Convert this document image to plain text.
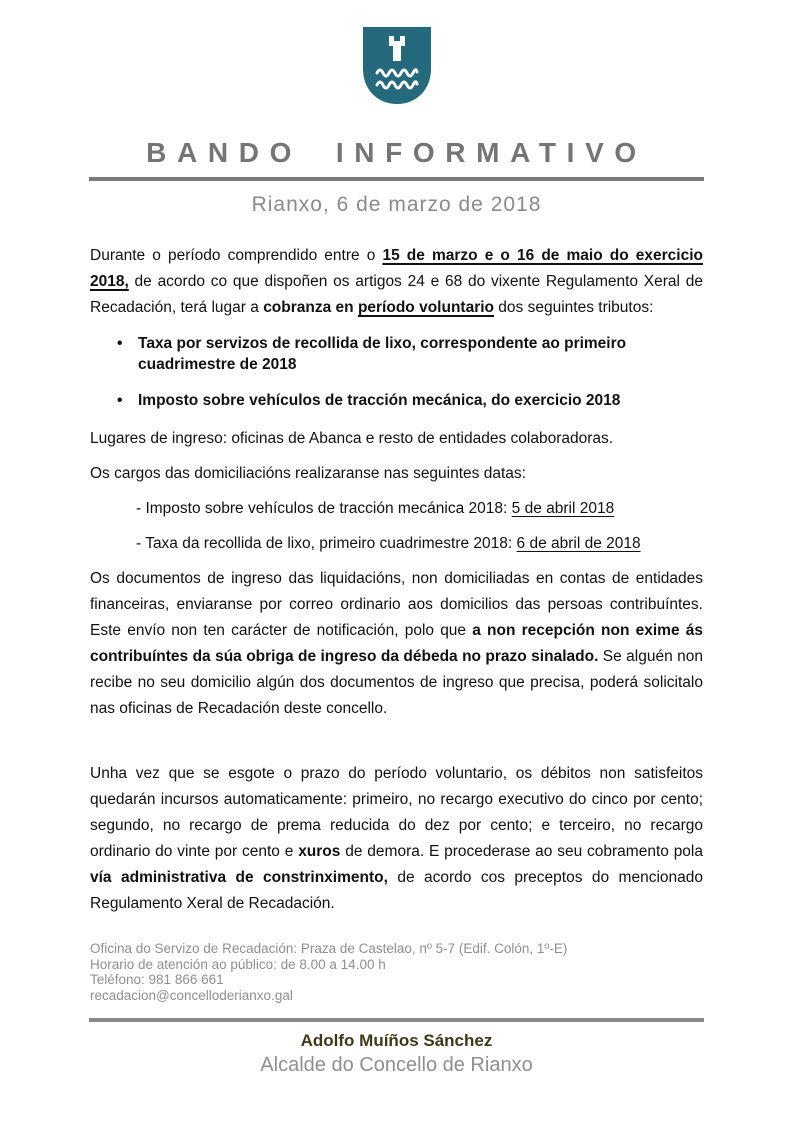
BANDO INFORMATIVO
Rianxo, 6 de marzo de 2018
Durante o período comprendido entre o 15 de marzo e o 16 de maio do exercicio 2018, de acordo co que dispoñen os artigos 24 e 68 do vixente Regulamento Xeral de Recadación, terá lugar a cobranza en período voluntario dos seguintes tributos:
• Taxa por servizos de recollida de lixo, correspondente ao primeiro cuadrimestre de 2018
• Imposto sobre vehículos de tracción mecánica, do exercicio 2018
Lugares de ingreso: oficinas de Abanca e resto de entidades colaboradoras.
Os cargos das domiciliacións realizaranse nas seguintes datas:
- Imposto sobre vehículos de tracción mecánica 2018: 5 de abril 2018
- Taxa da recollida de lixo, primeiro cuadrimestre 2018: 6 de abril de 2018
Os documentos de ingreso das liquidacións, non domiciliadas en contas de entidades financeiras, enviaranse por correo ordinario aos domicilios das persoas contribuíntes. Este envío non ten carácter de notificación, polo que a non recepción non exime ás contribuíntes da súa obriga de ingreso da débeda no prazo sinalado. Se alguén non recibe no seu domicilio algún dos documentos de ingreso que precisa, poderá solicitalo nas oficinas de Recadación deste concello.
Unha vez que se esgote o prazo do período voluntario, os débitos non satisfeitos quedarán incursos automaticamente: primeiro, no recargo executivo do cinco por cento; segundo, no recargo de prema reducida do dez por cento; e terceiro, no recargo ordinario do vinte por cento e xuros de demora. E procederase ao seu cobramento pola vía administrativa de constrinximento, de acordo cos preceptos do mencionado Regulamento Xeral de Recadación.
Oficina do Servizo de Recadación: Praza de Castelao, nº 5-7 (Edif. Colón, 1º-E)
Horario de atención ao público: de 8.00 a 14.00 h
Teléfono: 981 866 661
recadacion@concelloderianxo.gal
Adolfo Muíños Sánchez
Alcalde do Concello de Rianxo
